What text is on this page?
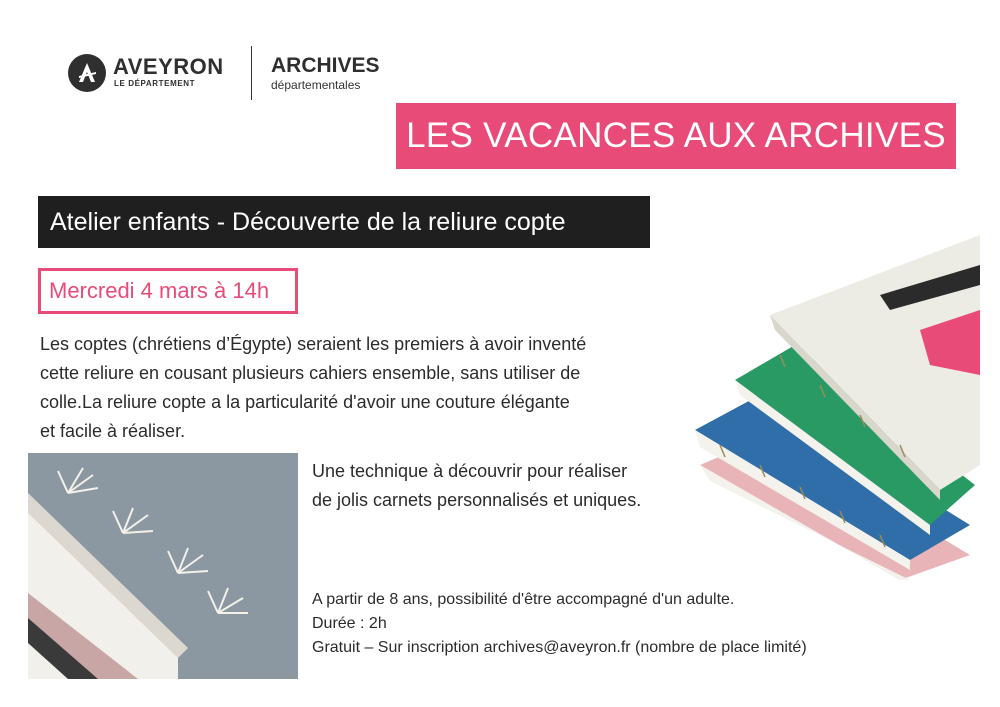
AVEYRON
LE DÉPARTEMENT
ARCHIVES
départementales
LES VACANCES AUX ARCHIVES
Atelier enfants - Découverte de la reliure copte
Mercredi 4 mars à 14h
Les coptes (chrétiens d’Égypte) seraient les premiers à avoir inventé
cette reliure en cousant plusieurs cahiers ensemble, sans utiliser de
colle.La reliure copte a la particularité d'avoir une couture élégante
et facile à réaliser.
Une technique à découvrir pour réaliser
de jolis carnets personnalisés et uniques.
A partir de 8 ans, possibilité d'être accompagné d'un adulte.
Durée : 2h
Gratuit – Sur inscription archives@aveyron.fr (nombre de place limité)
